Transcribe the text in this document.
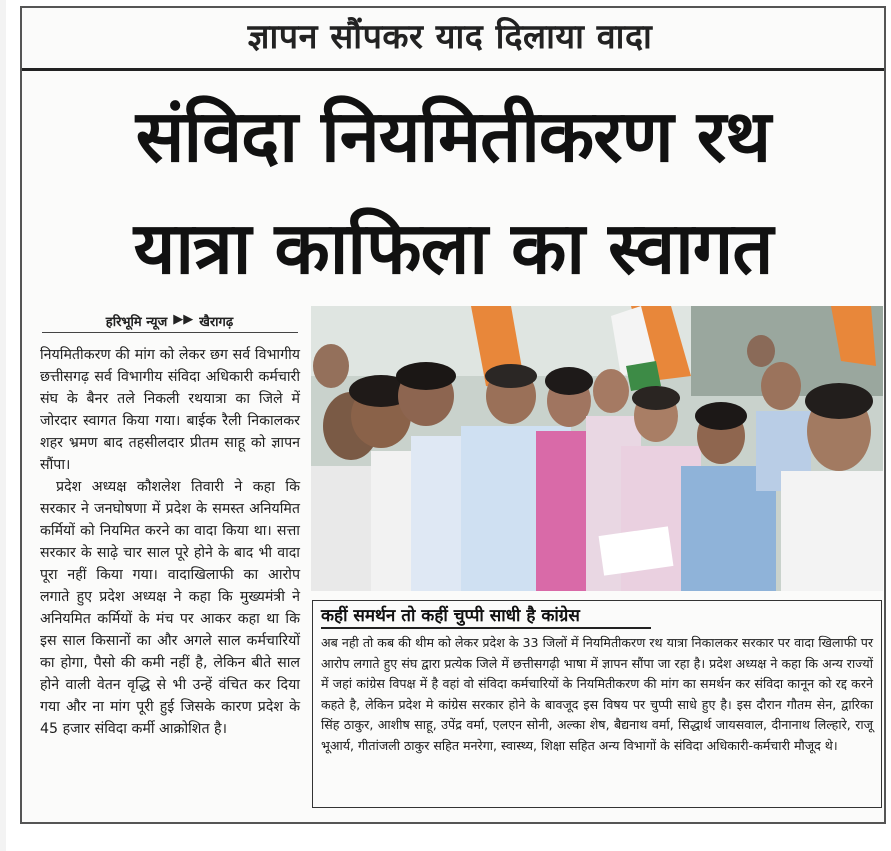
ज्ञापन सौंपकर याद दिलाया वादा
संविदा नियमितीकरण रथ
यात्रा काफिला का स्वागत
हरिभूमि न्यूज ▶▶ खैरागढ़

नियमितीकरण की मांग को लेकर छग सर्व विभागीय छत्तीसगढ़ सर्व विभागीय संविदा अधिकारी कर्मचारी संघ के बैनर तले निकली रथयात्रा का जिले में जोरदार स्वागत किया गया। बाईक रैली निकालकर शहर भ्रमण बाद तहसीलदार प्रीतम साहू को ज्ञापन सौंपा।

प्रदेश अध्यक्ष कौशलेश तिवारी ने कहा कि सरकार ने जनघोषणा में प्रदेश के समस्त अनियमित कर्मियों को नियमित करने का वादा किया था। सत्ता सरकार के साढ़े चार साल पूरे होने के बाद भी वादा पूरा नहीं किया गया। वादाखिलाफी का आरोप लगाते हुए प्रदेश अध्यक्ष ने कहा कि मुख्यमंत्री ने अनियमित कर्मियों के मंच पर आकर कहा था कि इस साल किसानों का और अगले साल कर्मचारियों का होगा, पैसो की कमी नहीं है, लेकिन बीते साल होने वाली वेतन वृद्धि से भी उन्हें वंचित कर दिया गया और ना मांग पूरी हुई जिसके कारण प्रदेश के 45 हजार संविदा कर्मी आक्रोशित है।

कहीं समर्थन तो कहीं चुप्पी साधी है कांग्रेस
अब नही तो कब की थीम को लेकर प्रदेश के 33 जिलों में नियमितीकरण रथ यात्रा निकालकर सरकार पर वादा खिलाफी पर आरोप लगाते हुए संघ द्वारा प्रत्येक जिले में छत्तीसगढ़ी भाषा में ज्ञापन सौंपा जा रहा है। प्रदेश अध्यक्ष ने कहा कि अन्य राज्यों में जहां कांग्रेस विपक्ष में है वहां वो संविदा कर्मचारियों के नियमितीकरण की मांग का समर्थन कर संविदा कानून को रद्द करने कहते है, लेकिन प्रदेश मे कांग्रेस सरकार होने के बावजूद इस विषय पर चुप्पी साधे हुए है। इस दौरान गौतम सेन, द्वारिका सिंह ठाकुर, आशीष साहू, उपेंद्र वर्मा, एलएन सोनी, अल्का शेष, बैद्यनाथ वर्मा, सिद्धार्थ जायसवाल, दीनानाथ लिल्हारे, राजू भूआर्य, गीतांजली ठाकुर सहित मनरेगा, स्वास्थ्य, शिक्षा सहित अन्य विभागों के संविदा अधिकारी-कर्मचारी मौजूद थे।
